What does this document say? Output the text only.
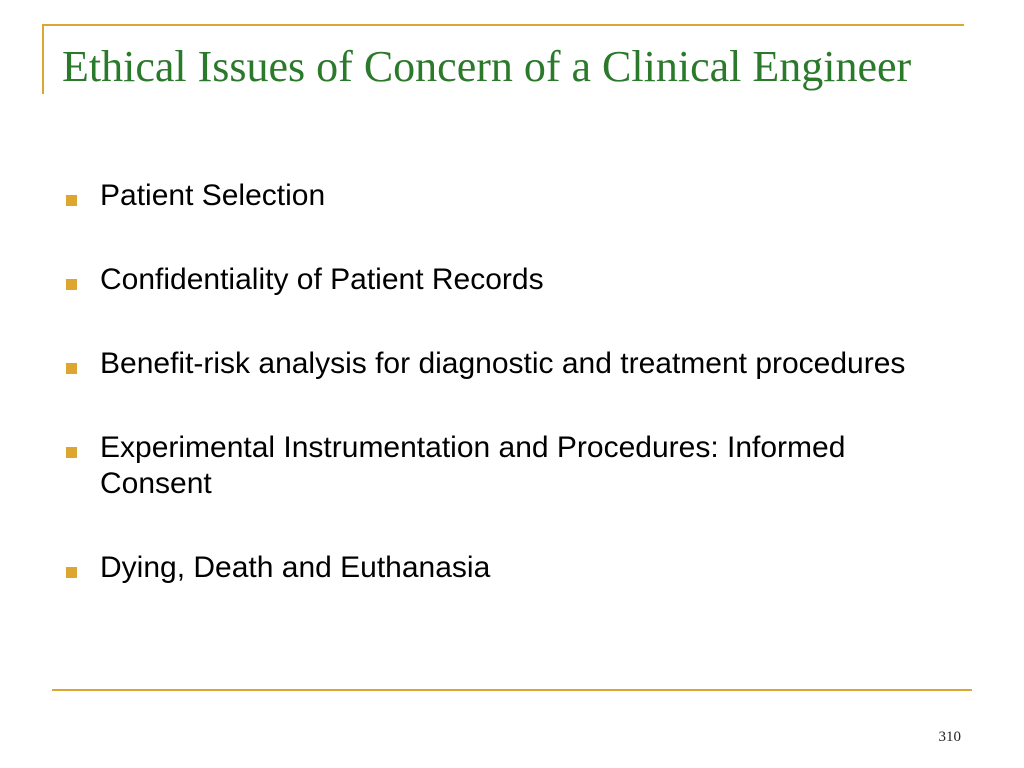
Ethical Issues of Concern of a Clinical Engineer
Patient Selection
Confidentiality of Patient Records
Benefit-risk analysis for diagnostic and treatment procedures
Experimental Instrumentation and Procedures: Informed Consent
Dying, Death and Euthanasia
310
